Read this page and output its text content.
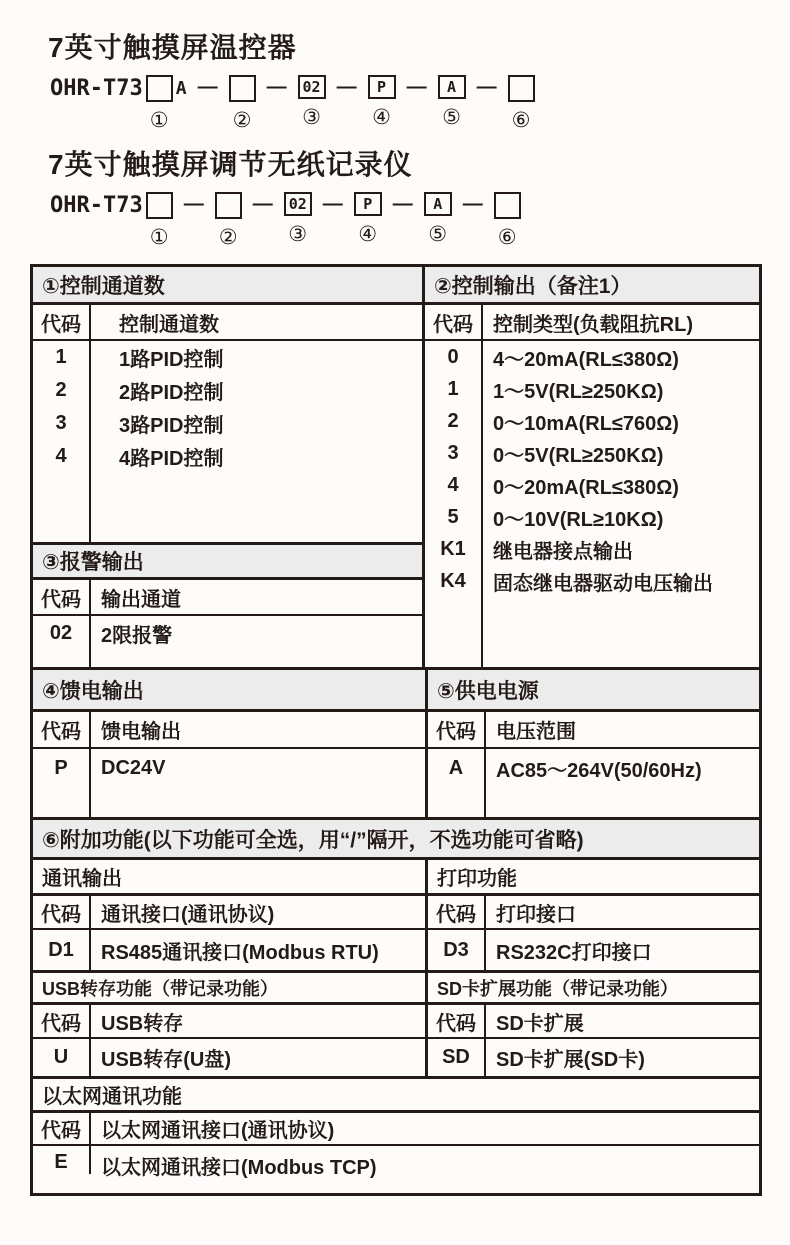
7英寸触摸屏温控器
OHR-T73
①
A —
②
—	02
③
—	P
④
—	A
⑤
—
⑥
7英寸触摸屏调节无纸记录仪
OHR-T73
①
—
②
—	02
③
—	P
④
—	A
⑤
—
⑥
①控制通道数
代码	控制通道数
1	1路PID控制
2	2路PID控制
3	3路PID控制
4	4路PID控制
③报警输出
代码	输出通道
02	2限报警
②控制输出（备注1）
代码	控制类型(负载阻抗RL)
0	4～20mA(RL≤380Ω)
1	1～5V(RL≥250KΩ)
2	0～10mA(RL≤760Ω)
3	0～5V(RL≥250KΩ)
4	0～20mA(RL≤380Ω)
5	0～10V(RL≥10KΩ)
K1	继电器接点输出
K4	固态继电器驱动电压输出
④馈电输出
代码	馈电输出
P	DC24V
⑤供电电源
代码	电压范围
A	AC85～264V(50/60Hz)
⑥附加功能(以下功能可全选，用“/”隔开，不选功能可省略)
通讯输出
代码	通讯接口(通讯协议)
D1	RS485通讯接口(Modbus RTU)
打印功能
代码	打印接口
D3	RS232C打印接口
USB转存功能（带记录功能）
代码	USB转存
U	USB转存(U盘)
SD卡扩展功能（带记录功能）
代码	SD卡扩展
SD	SD卡扩展(SD卡)
以太网通讯功能
代码	以太网通讯接口(通讯协议)
E	以太网通讯接口(Modbus TCP)
